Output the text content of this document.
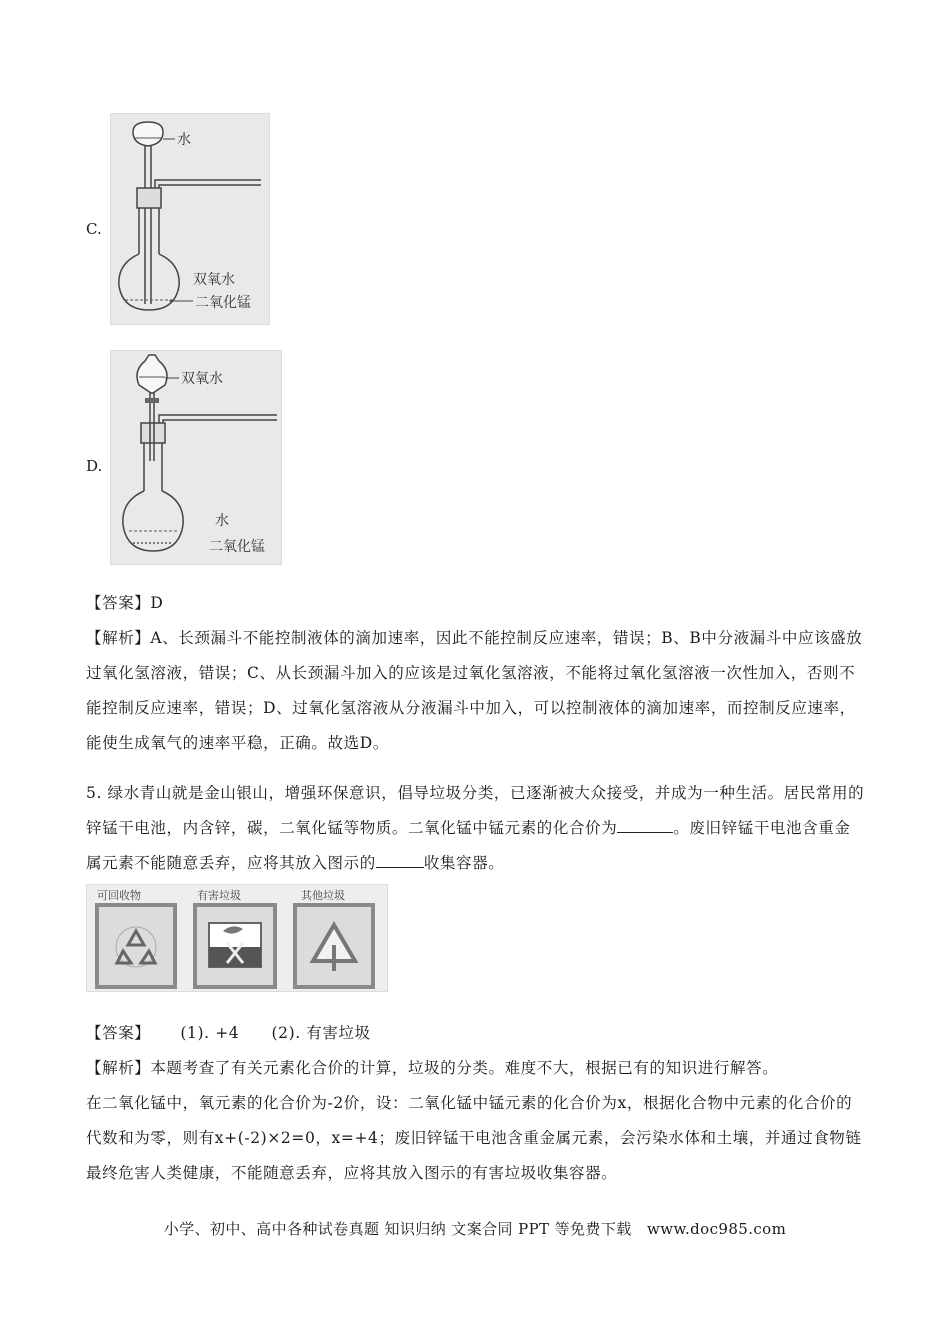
C.
水
双氧水
二氧化锰
D.
双氧水
水
二氧化锰

【答案】D

【解析】A、长颈漏斗不能控制液体的滴加速率，因此不能控制反应速率，错误；B、B中分液漏斗中应该盛放过氧化氢溶液，错误；C、从长颈漏斗加入的应该是过氧化氢溶液，不能将过氧化氢溶液一次性加入，否则不能控制反应速率，错误；D、过氧化氢溶液从分液漏斗中加入，可以控制液体的滴加速率，而控制反应速率，能使生成氧气的速率平稳，正确。故选D。

5. 绿水青山就是金山银山，增强环保意识，倡导垃圾分类，已逐渐被大众接受，并成为一种生活。居民常用的锌锰干电池，内含锌，碳，二氧化锰等物质。二氧化锰中锰元素的化合价为	。废旧锌锰干电池含重金属元素不能随意丢弃，应将其放入图示的	收集容器。

可回收物	有害垃圾	其他垃圾

【答案】 (1). +4　　(2). 有害垃圾

【解析】本题考查了有关元素化合价的计算，垃圾的分类。难度不大，根据已有的知识进行解答。

在二氧化锰中，氧元素的化合价为-2价，设：二氧化锰中锰元素的化合价为x，根据化合物中元素的化合价的代数和为零，则有x+(-2)×2=0，x=+4；废旧锌锰干电池含重金属元素，会污染水体和土壤，并通过食物链最终危害人类健康，不能随意丢弃，应将其放入图示的有害垃圾收集容器。

小学、初中、高中各种试卷真题 知识归纳 文案合同 PPT 等免费下载　www.doc985.com
